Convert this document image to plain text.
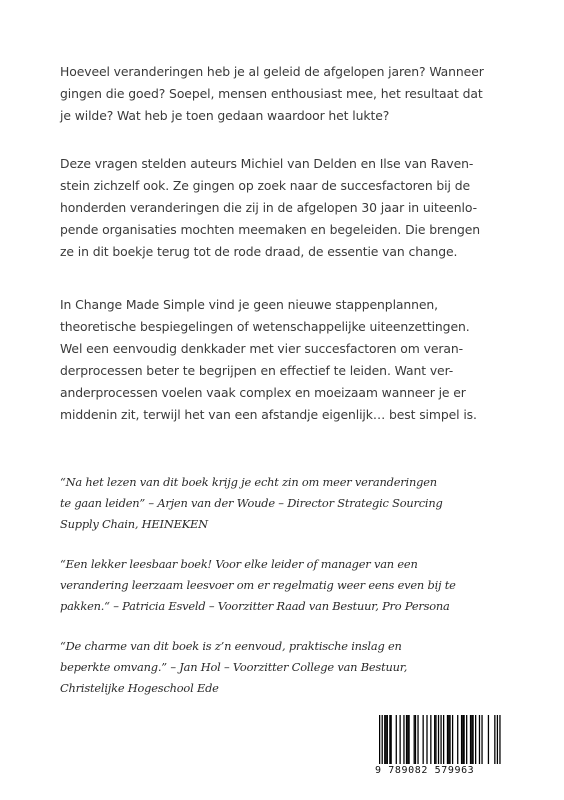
Hoeveel veranderingen heb je al geleid de afgelopen jaren? Wanneer
gingen die goed? Soepel, mensen enthousiast mee, het resultaat dat
je wilde? Wat heb je toen gedaan waardoor het lukte?
Deze vragen stelden auteurs Michiel van Delden en Ilse van Raven-
stein zichzelf ook. Ze gingen op zoek naar de succesfactoren bij de
honderden veranderingen die zij in de afgelopen 30 jaar in uiteenlo-
pende organisaties mochten meemaken en begeleiden. Die brengen
ze in dit boekje terug tot de rode draad, de essentie van change.
In Change Made Simple vind je geen nieuwe stappenplannen,
theoretische bespiegelingen of wetenschappelijke uiteenzettingen.
Wel een eenvoudig denkkader met vier succesfactoren om veran-
derprocessen beter te begrijpen en effectief te leiden. Want ver-
anderprocessen voelen vaak complex en moeizaam wanneer je er
middenin zit, terwijl het van een afstandje eigenlijk… best simpel is.
“Na het lezen van dit boek krijg je echt zin om meer veranderingen
te gaan leiden” – Arjen van der Woude – Director Strategic Sourcing
Supply Chain, HEINEKEN
“Een lekker leesbaar boek! Voor elke leider of manager van een
verandering leerzaam leesvoer om er regelmatig weer eens even bij te
pakken.“ – Patricia Esveld – Voorzitter Raad van Bestuur, Pro Persona
“De charme van dit boek is z’n eenvoud, praktische inslag en
beperkte omvang.” – Jan Hol – Voorzitter College van Bestuur,
Christelijke Hogeschool Ede
9 789082 579963
